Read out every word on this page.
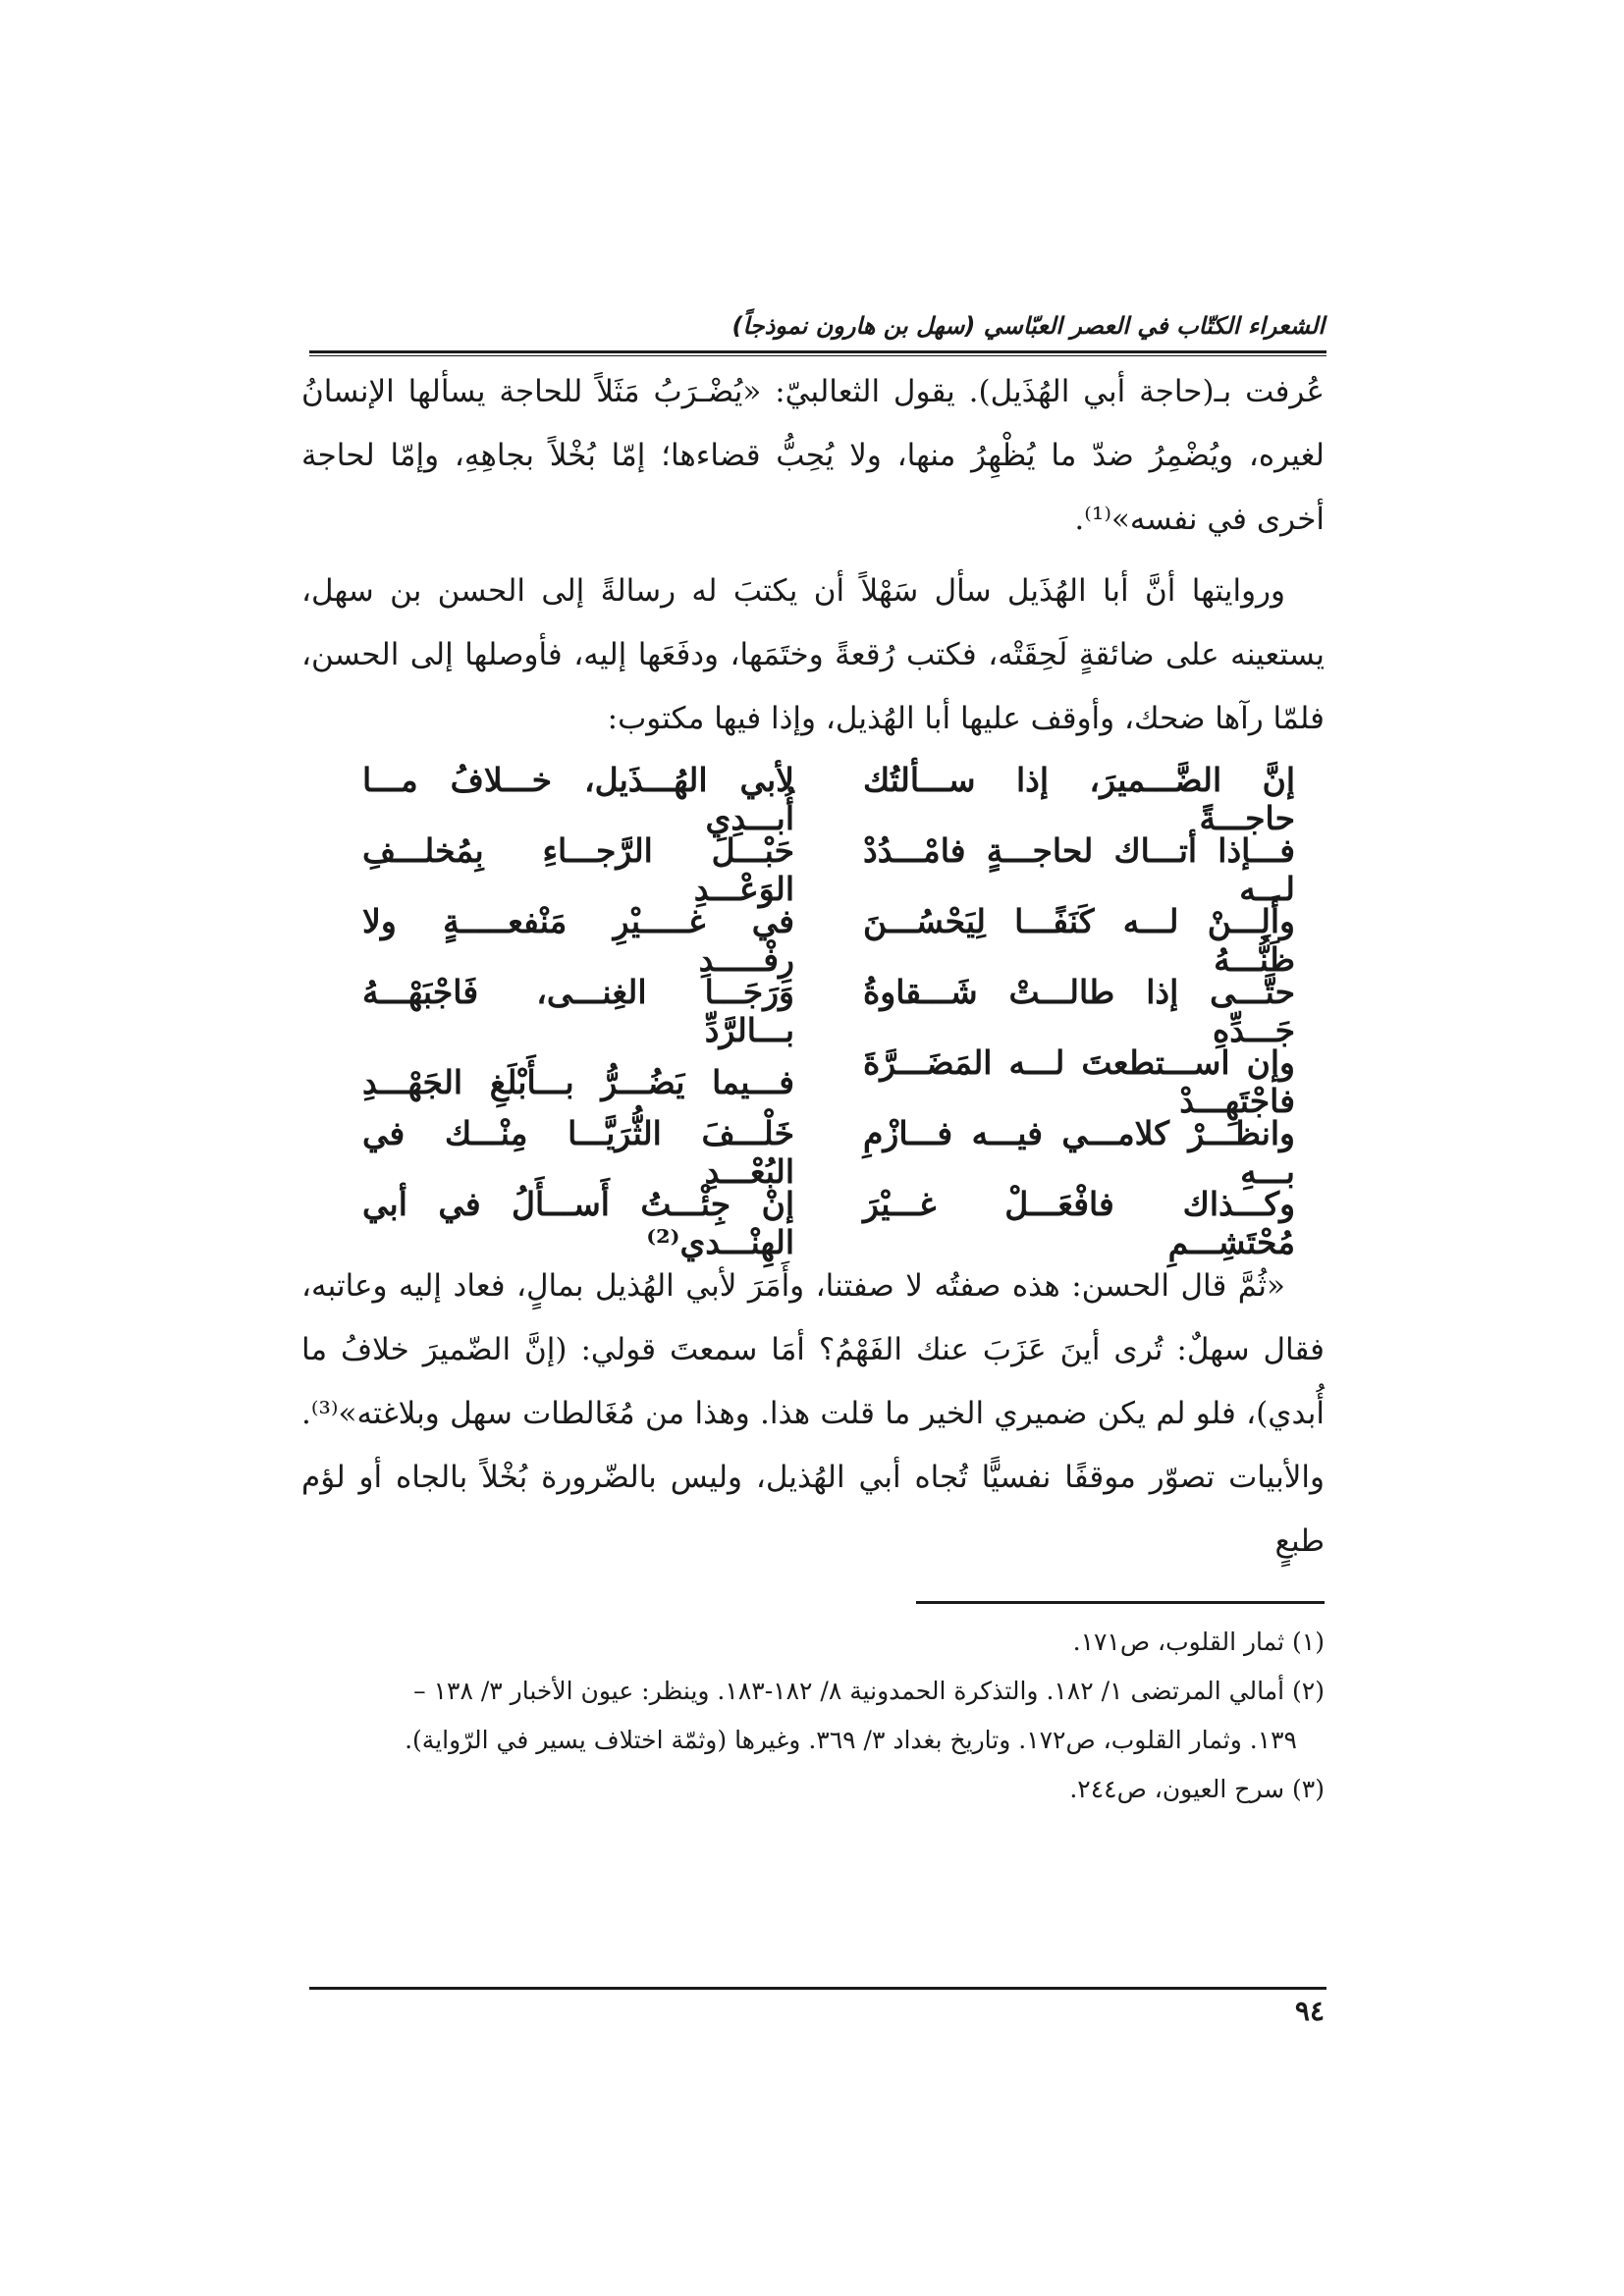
الشعراء الكتّاب في العصر العبّاسي (سهل بن هارون نموذجاً)
عُرفت بـ(حاجة أبي الهُذَيل). يقول الثعالبيّ: «يُضْـرَبُ مَثَلاً للحاجة يسألها الإنسانُ لغيره، ويُضْمِرُ ضدّ ما يُظْهِرُ منها، ولا يُحِبُّ قضاءها؛ إمّا بُخْلاً بجاهِهِ، وإمّا لحاجة أخرى في نفسه»⁽¹⁾.
وروايتها أنَّ أبا الهُذَيل سأل سَهْلاً أن يكتبَ له رسالةً إلى الحسن بن سهل، يستعينه على ضائقةٍ لَحِقَتْه، فكتب رُقعةً وختَمَها، ودفَعَها إليه، فأوصلها إلى الحسن، فلمّا رآها ضحك، وأوقف عليها أبا الهُذيل، وإذا فيها مكتوب:
إنَّ الضَّـــميرَ، إذا ســـألتُك حاجـــةً
لأبي الهُـــذَيل، خـــلافُ مـــا أُبـــدِي
فـــإذا أتـــاك لحاجـــةٍ فامْـــدُدْ لـــه
حَبْـــلَ الرَّجـــاءِ بِمُخلـــفِ الوَعْـــدِ
وأَلِـــنْ لـــه كَنَفًـــا لِيَحْسُـــنَ ظَنُّـــهُ
في غـــــيْرِ مَنْفعـــــةٍ ولا رِفْـــــدِ
حتَّـــى إذا طالـــتْ شَـــقاوةُ جَـــدِّهِ
وَرَجَـــا الغِنـــى، فَاجْبَهْـــهُ بـــالرَّدِّ
وإن اســـتطعتَ لـــه المَضَـــرَّةَ فاجْتَهِـــدْ
فـــيما يَضُـــرُّ بـــأَبْلَغِ الجَهْـــدِ
وانظـــرْ كلامـــي فيـــه فـــازْمِ بـــهِ
خَلْـــفَ الثُّرَيَّـــا مِنْـــك في البُعْـــدِ
وكـــذاك فافْعَـــلْ غـــيْرَ مُحْتَشِـــمِ
إنْ جِئْـــتُ أَســـأَلُ في أبي الهِنْـــدي⁽²⁾
«ثُمَّ قال الحسن: هذه صفتُه لا صفتنا، وأَمَرَ لأبي الهُذيل بمالٍ، فعاد إليه وعاتبه، فقال سهلٌ: تُرى أينَ عَزَبَ عنك الفَهْمُ؟ أمَا سمعتَ قولي: (إنَّ الضّميرَ خلافُ ما أُبدي)، فلو لم يكن ضميري الخير ما قلت هذا. وهذا من مُغَالطات سهل وبلاغته»⁽³⁾. والأبيات تصوّر موقفًا نفسيًّا تُجاه أبي الهُذيل، وليس بالضّرورة بُخْلاً بالجاه أو لؤم طبعٍ
(١) ثمار القلوب، ص١٧١.
(٢) أمالي المرتضى ١/ ١٨٢. والتذكرة الحمدونية ٨/ ١٨٢-١٨٣. وينظر: عيون الأخبار ٣/ ١٣٨ –
١٣٩. وثمار القلوب، ص١٧٢. وتاريخ بغداد ٣/ ٣٦٩. وغيرها (وثمّة اختلاف يسير في الرّواية).
(٣) سرح العيون، ص٢٤٤.
٩٤
